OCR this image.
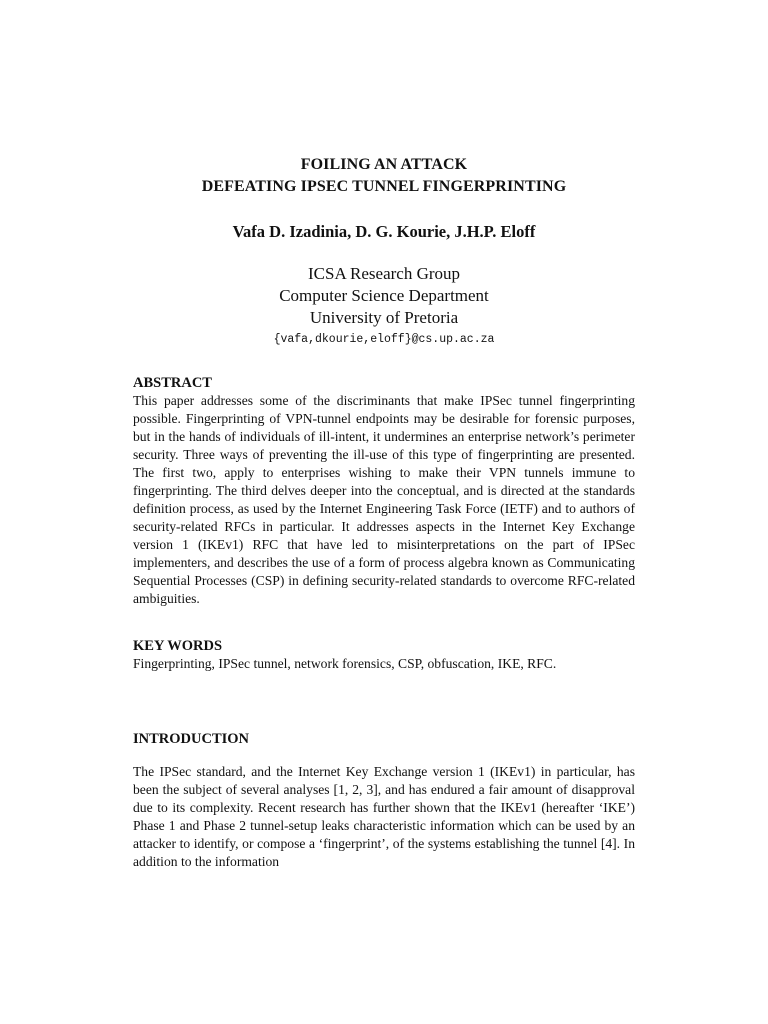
FOILING AN ATTACK
DEFEATING IPSEC TUNNEL FINGERPRINTING
Vafa D. Izadinia, D. G. Kourie, J.H.P. Eloff
ICSA Research Group
Computer Science Department
University of Pretoria
{vafa,dkourie,eloff}@cs.up.ac.za
ABSTRACT
This paper addresses some of the discriminants that make IPSec tunnel fingerprinting possible. Fingerprinting of VPN-tunnel endpoints may be desirable for forensic purposes, but in the hands of individuals of ill-intent, it undermines an enterprise network’s perimeter security. Three ways of preventing the ill-use of this type of fingerprinting are presented. The first two, apply to enterprises wishing to make their VPN tunnels immune to fingerprinting. The third delves deeper into the conceptual, and is directed at the standards definition process, as used by the Internet Engineering Task Force (IETF) and to authors of security-related RFCs in particular. It addresses aspects in the Internet Key Exchange version 1 (IKEv1) RFC that have led to misinterpretations on the part of IPSec implementers, and describes the use of a form of process algebra known as Communicating Sequential Processes (CSP) in defining security-related standards to overcome RFC-related ambiguities.
KEY WORDS
Fingerprinting, IPSec tunnel, network forensics, CSP, obfuscation, IKE, RFC.
INTRODUCTION
The IPSec standard, and the Internet Key Exchange version 1 (IKEv1) in particular, has been the subject of several analyses [1, 2, 3], and has endured a fair amount of disapproval due to its complexity. Recent research has further shown that the IKEv1 (hereafter ‘IKE’) Phase 1 and Phase 2 tunnel-setup leaks characteristic information which can be used by an attacker to identify, or compose a ‘fingerprint’, of the systems establishing the tunnel [4]. In addition to the information
